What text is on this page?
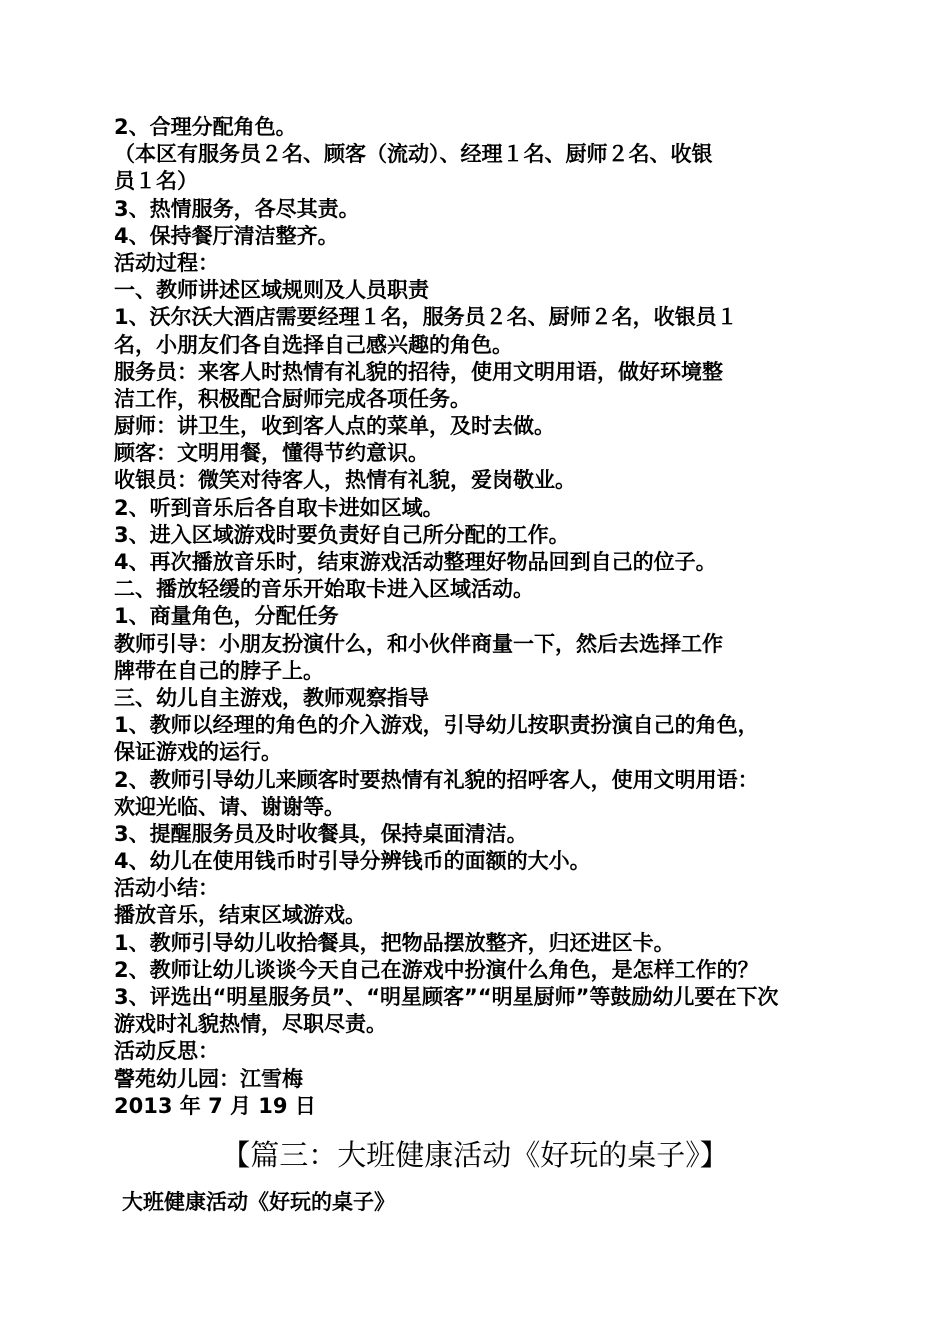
2、合理分配角色。
（本区有服务员２名、顾客（流动）、经理１名、厨师２名、收银
员１名）
3、热情服务，各尽其责。
4、保持餐厅清洁整齐。
活动过程：
一、教师讲述区域规则及人员职责
1、沃尔沃大酒店需要经理１名，服务员２名、厨师２名，收银员１
名，小朋友们各自选择自己感兴趣的角色。
服务员：来客人时热情有礼貌的招待，使用文明用语，做好环境整
洁工作，积极配合厨师完成各项任务。
厨师：讲卫生，收到客人点的菜单，及时去做。
顾客：文明用餐，懂得节约意识。
收银员：微笑对待客人，热情有礼貌，爱岗敬业。
2、听到音乐后各自取卡进如区域。
3、进入区域游戏时要负责好自己所分配的工作。
4、再次播放音乐时，结束游戏活动整理好物品回到自己的位子。
二、播放轻缓的音乐开始取卡进入区域活动。
1、商量角色，分配任务
教师引导：小朋友扮演什么，和小伙伴商量一下，然后去选择工作
牌带在自己的脖子上。
三、幼儿自主游戏，教师观察指导
1、教师以经理的角色的介入游戏，引导幼儿按职责扮演自己的角色，
保证游戏的运行。
2、教师引导幼儿来顾客时要热情有礼貌的招呼客人，使用文明用语：
欢迎光临、请、谢谢等。
3、提醒服务员及时收餐具，保持桌面清洁。
4、幼儿在使用钱币时引导分辨钱币的面额的大小。
活动小结：
播放音乐，结束区域游戏。
1、教师引导幼儿收拾餐具，把物品摆放整齐，归还进区卡。
2、教师让幼儿谈谈今天自己在游戏中扮演什么角色，是怎样工作的？
3、评选出“明星服务员”、“明星顾客”“明星厨师”等鼓励幼儿要在下次
游戏时礼貌热情，尽职尽责。
活动反思：
謦苑幼儿园：江雪梅
2013 年 7 月 19 日
【篇三：大班健康活动《好玩的桌子》】
大班健康活动《好玩的桌子》
